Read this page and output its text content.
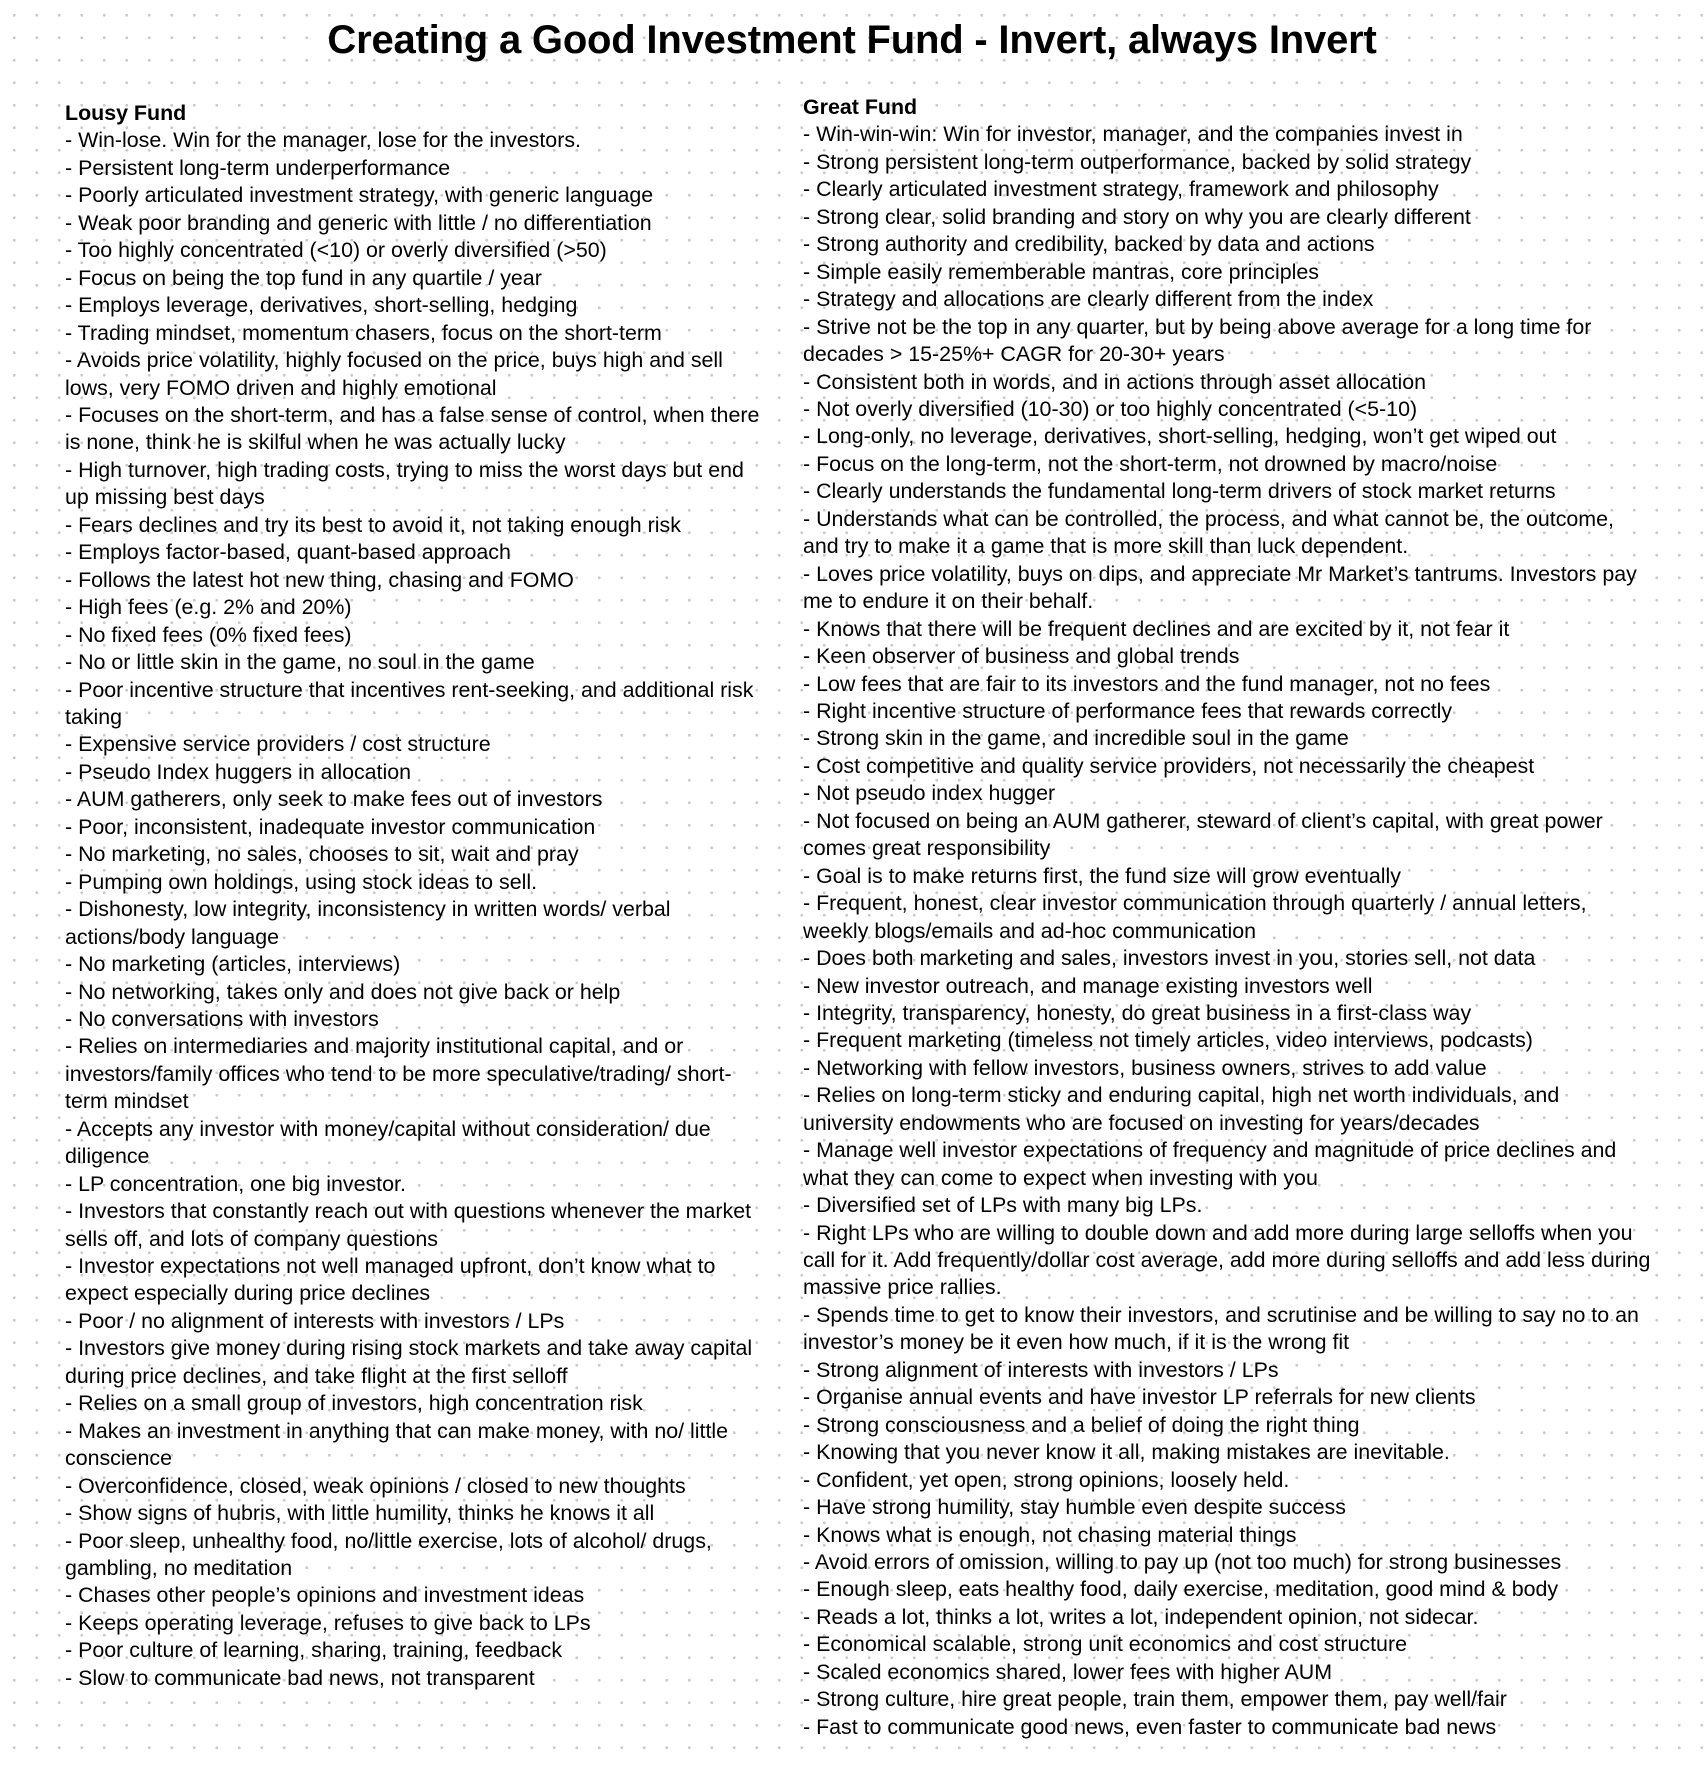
Creating a Good Investment Fund - Invert, always Invert
Lousy Fund
- Win-lose. Win for the manager, lose for the investors.
- Persistent long-term underperformance
- Poorly articulated investment strategy, with generic language
- Weak poor branding and generic with little / no differentiation
- Too highly concentrated (<10) or overly diversified (>50)
- Focus on being the top fund in any quartile / year
- Employs leverage, derivatives, short-selling, hedging
- Trading mindset, momentum chasers, focus on the short-term
- Avoids price volatility, highly focused on the price, buys high and sell lows, very FOMO driven and highly emotional
- Focuses on the short-term, and has a false sense of control, when there is none, think he is skilful when he was actually lucky
- High turnover, high trading costs, trying to miss the worst days but end up missing best days
- Fears declines and try its best to avoid it, not taking enough risk
- Employs factor-based, quant-based approach
- Follows the latest hot new thing, chasing and FOMO
- High fees (e.g. 2% and 20%)
- No fixed fees (0% fixed fees)
- No or little skin in the game, no soul in the game
- Poor incentive structure that incentives rent-seeking, and additional risk taking
- Expensive service providers / cost structure
- Pseudo Index huggers in allocation
- AUM gatherers, only seek to make fees out of investors
- Poor, inconsistent, inadequate investor communication
- No marketing, no sales, chooses to sit, wait and pray
- Pumping own holdings, using stock ideas to sell.
- Dishonesty, low integrity, inconsistency in written words/ verbal actions/body language
- No marketing (articles, interviews)
- No networking, takes only and does not give back or help
- No conversations with investors
- Relies on intermediaries and majority institutional capital, and or investors/family offices who tend to be more speculative/trading/ short-term mindset
- Accepts any investor with money/capital without consideration/ due diligence
- LP concentration, one big investor.
- Investors that constantly reach out with questions whenever the market sells off, and lots of company questions
- Investor expectations not well managed upfront, don’t know what to expect especially during price declines
- Poor / no alignment of interests with investors / LPs
- Investors give money during rising stock markets and take away capital during price declines, and take flight at the first selloff
- Relies on a small group of investors, high concentration risk
- Makes an investment in anything that can make money, with no/ little conscience
- Overconfidence, closed, weak opinions / closed to new thoughts
- Show signs of hubris, with little humility, thinks he knows it all
- Poor sleep, unhealthy food, no/little exercise, lots of alcohol/ drugs, gambling, no meditation
- Chases other people’s opinions and investment ideas
- Keeps operating leverage, refuses to give back to LPs
- Poor culture of learning, sharing, training, feedback
- Slow to communicate bad news, not transparent
Great Fund
- Win-win-win: Win for investor, manager, and the companies invest in
- Strong persistent long-term outperformance, backed by solid strategy
- Clearly articulated investment strategy, framework and philosophy
- Strong clear, solid branding and story on why you are clearly different
- Strong authority and credibility, backed by data and actions
- Simple easily rememberable mantras, core principles
- Strategy and allocations are clearly different from the index
- Strive not be the top in any quarter, but by being above average for a long time for decades > 15-25%+ CAGR for 20-30+ years
- Consistent both in words, and in actions through asset allocation
- Not overly diversified (10-30) or too highly concentrated (<5-10)
- Long-only, no leverage, derivatives, short-selling, hedging, won’t get wiped out
- Focus on the long-term, not the short-term, not drowned by macro/noise
- Clearly understands the fundamental long-term drivers of stock market returns
- Understands what can be controlled, the process, and what cannot be, the outcome, and try to make it a game that is more skill than luck dependent.
- Loves price volatility, buys on dips, and appreciate Mr Market’s tantrums. Investors pay me to endure it on their behalf.
- Knows that there will be frequent declines and are excited by it, not fear it
- Keen observer of business and global trends
- Low fees that are fair to its investors and the fund manager, not no fees
- Right incentive structure of performance fees that rewards correctly
- Strong skin in the game, and incredible soul in the game
- Cost competitive and quality service providers, not necessarily the cheapest
- Not pseudo index hugger
- Not focused on being an AUM gatherer, steward of client’s capital, with great power comes great responsibility
- Goal is to make returns first, the fund size will grow eventually
- Frequent, honest, clear investor communication through quarterly / annual letters, weekly blogs/emails and ad-hoc communication
- Does both marketing and sales, investors invest in you, stories sell, not data
- New investor outreach, and manage existing investors well
- Integrity, transparency, honesty, do great business in a first-class way
- Frequent marketing (timeless not timely articles, video interviews, podcasts)
- Networking with fellow investors, business owners, strives to add value
- Relies on long-term sticky and enduring capital, high net worth individuals, and university endowments who are focused on investing for years/decades
- Manage well investor expectations of frequency and magnitude of price declines and what they can come to expect when investing with you
- Diversified set of LPs with many big LPs.
- Right LPs who are willing to double down and add more during large selloffs when you call for it. Add frequently/dollar cost average, add more during selloffs and add less during massive price rallies.
- Spends time to get to know their investors, and scrutinise and be willing to say no to an investor’s money be it even how much, if it is the wrong fit
- Strong alignment of interests with investors / LPs
- Organise annual events and have investor LP referrals for new clients
- Strong consciousness and a belief of doing the right thing
- Knowing that you never know it all, making mistakes are inevitable.
- Confident, yet open, strong opinions, loosely held.
- Have strong humility, stay humble even despite success
- Knows what is enough, not chasing material things
- Avoid errors of omission, willing to pay up (not too much) for strong businesses
- Enough sleep, eats healthy food, daily exercise, meditation, good mind & body
- Reads a lot, thinks a lot, writes a lot, independent opinion, not sidecar.
- Economical scalable, strong unit economics and cost structure
- Scaled economics shared, lower fees with higher AUM
- Strong culture, hire great people, train them, empower them, pay well/fair
- Fast to communicate good news, even faster to communicate bad news
